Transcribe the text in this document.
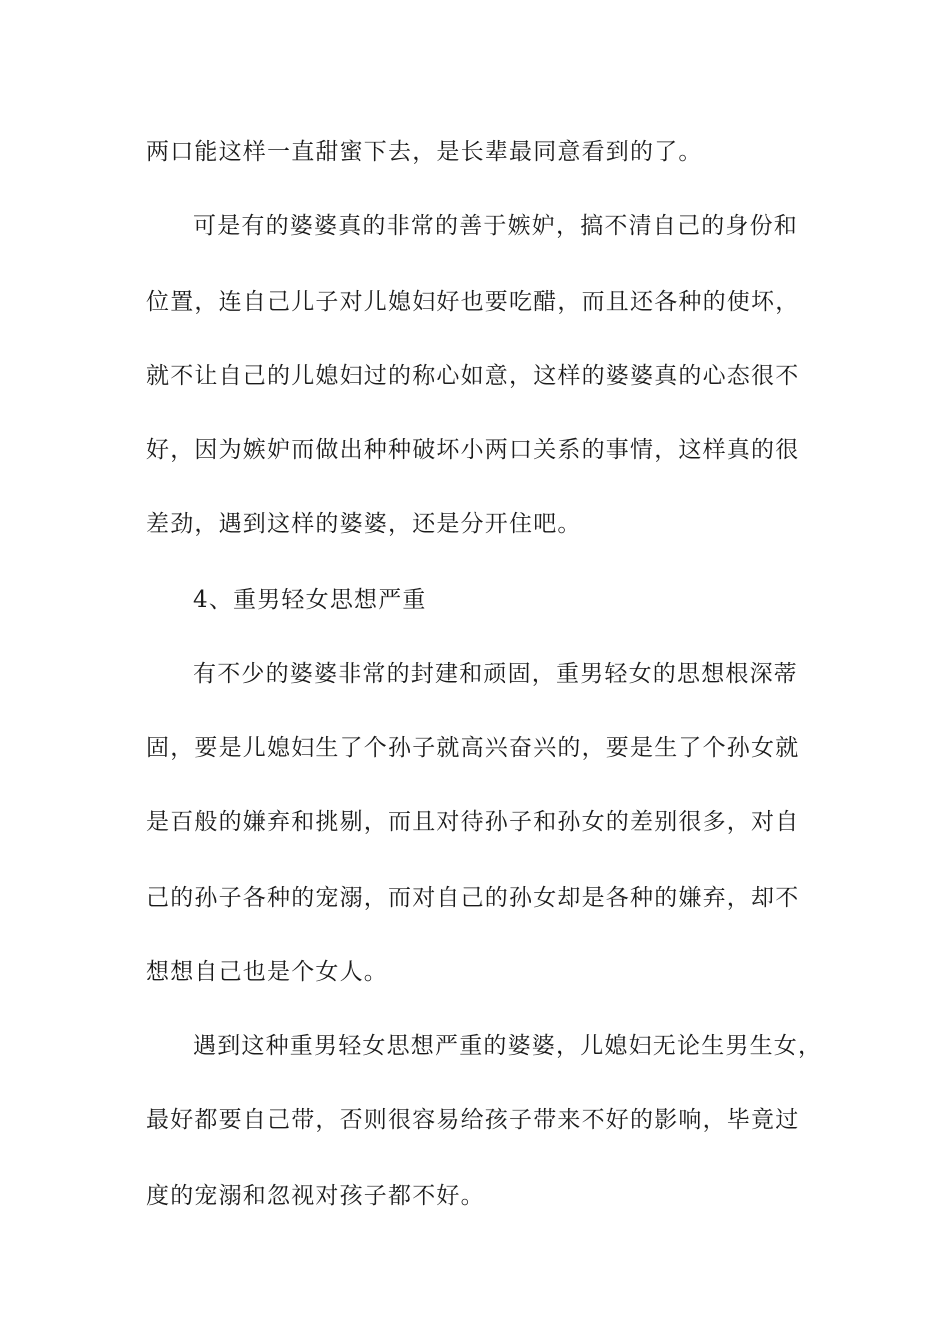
两口能这样一直甜蜜下去，是长辈最同意看到的了。
可是有的婆婆真的非常的善于嫉妒，搞不清自己的身份和
位置，连自己儿子对儿媳妇好也要吃醋，而且还各种的使坏，
就不让自己的儿媳妇过的称心如意，这样的婆婆真的心态很不
好，因为嫉妒而做出种种破坏小两口关系的事情，这样真的很
差劲，遇到这样的婆婆，还是分开住吧。
4、重男轻女思想严重
有不少的婆婆非常的封建和顽固，重男轻女的思想根深蒂
固，要是儿媳妇生了个孙子就高兴奋兴的，要是生了个孙女就
是百般的嫌弃和挑剔，而且对待孙子和孙女的差别很多，对自
己的孙子各种的宠溺，而对自己的孙女却是各种的嫌弃，却不
想想自己也是个女人。
遇到这种重男轻女思想严重的婆婆，儿媳妇无论生男生女，
最好都要自己带，否则很容易给孩子带来不好的影响，毕竟过
度的宠溺和忽视对孩子都不好。
